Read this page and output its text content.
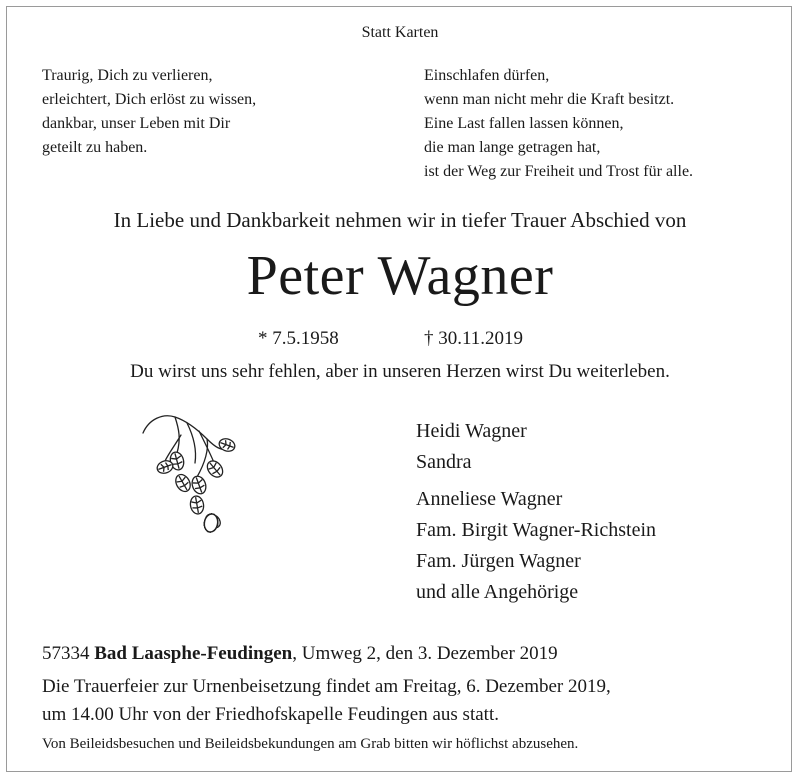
Statt Karten
Traurig, Dich zu verlieren,
erleichtert, Dich erlöst zu wissen,
dankbar, unser Leben mit Dir
geteilt zu haben.
Einschlafen dürfen,
wenn man nicht mehr die Kraft besitzt.
Eine Last fallen lassen können,
die man lange getragen hat,
ist der Weg zur Freiheit und Trost für alle.
In Liebe und Dankbarkeit nehmen wir in tiefer Trauer Abschied von
Peter Wagner
* 7.5.1958	† 30.11.2019
Du wirst uns sehr fehlen, aber in unseren Herzen wirst Du weiterleben.
Heidi Wagner
Sandra
Anneliese Wagner
Fam. Birgit Wagner-Richstein
Fam. Jürgen Wagner
und alle Angehörige
57334 Bad Laasphe-Feudingen, Umweg 2, den 3. Dezember 2019
Die Trauerfeier zur Urnenbeisetzung findet am Freitag, 6. Dezember 2019,
um 14.00 Uhr von der Friedhofskapelle Feudingen aus statt.
Von Beileidsbesuchen und Beileidsbekundungen am Grab bitten wir höflichst abzusehen.
